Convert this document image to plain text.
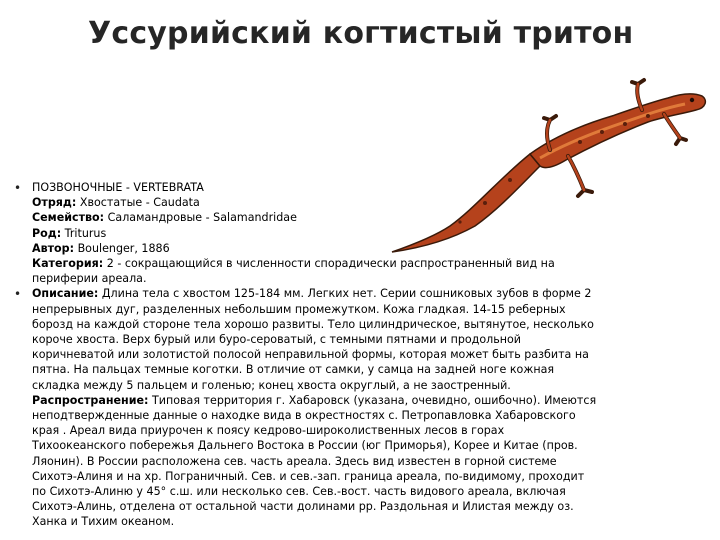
Уссурийский когтистый тритон
• ПОЗВОНОЧНЫЕ - VERTEBRATA
Отряд: Хвостатые - Caudata
Семейство: Саламандровые - Salamandridae
Род: Triturus
Автор: Boulenger, 1886
Категория: 2 - сокращающийся в численности спорадически распространенный вид на
периферии ареала.
• Описание: Длина тела с хвостом 125-184 мм. Легких нет. Серии сошниковых зубов в форме 2
непрерывных дуг, разделенных небольшим промежутком. Кожа гладкая. 14-15 реберных
борозд на каждой стороне тела хорошо развиты. Тело цилиндрическое, вытянутое, несколько
короче хвоста. Верх бурый или буро-сероватый, с темными пятнами и продольной
коричневатой или золотистой полосой неправильной формы, которая может быть разбита на
пятна. На пальцах темные коготки. В отличие от самки, у самца на задней ноге кожная
складка между 5 пальцем и голенью; конец хвоста округлый, а не заостренный.
Распространение: Типовая территория г. Хабаровск (указана, очевидно, ошибочно). Имеются
неподтвержденные данные о находке вида в окрестностях с. Петропавловка Хабаровского
края . Ареал вида приурочен к поясу кедрово-широколиственных лесов в горах
Тихоокеанского побережья Дальнего Востока в России (юг Приморья), Корее и Китае (пров.
Ляонин). В России расположена сев. часть ареала. Здесь вид известен в горной системе
Сихотэ-Алиня и на хр. Пограничный. Сев. и сев.-зап. граница ареала, по-видимому, проходит
по Сихотэ-Алиню у 45° с.ш. или несколько сев. Сев.-вост. часть видового ареала, включая
Сихотэ-Алинь, отделена от остальной части долинами рр. Раздольная и Илистая между оз.
Ханка и Тихим океаном.
